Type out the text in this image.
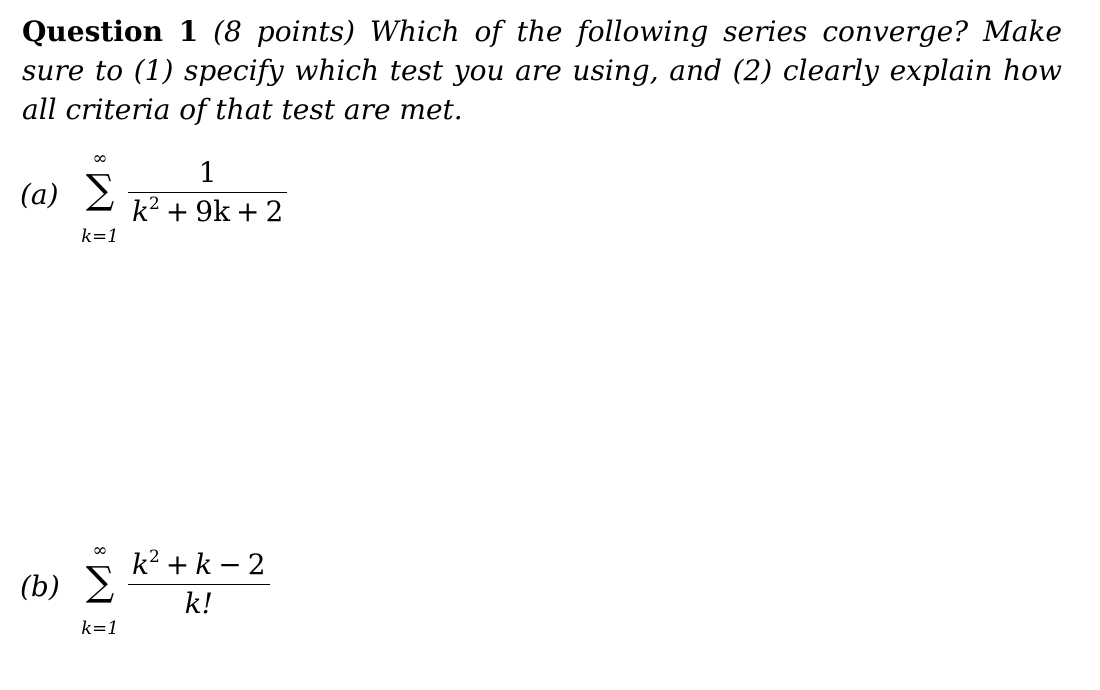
Question 1 (8 points) Which of the following series converge? Make sure to (1) specify which test you are using, and (2) clearly explain how all criteria of that test are met.
(a)
∞
∑
k=1
$\frac{1}{k^2 + 9k + 2}$
(b)
∞
∑
k=1
$\frac{k^2 + k - 2}{k!}$
